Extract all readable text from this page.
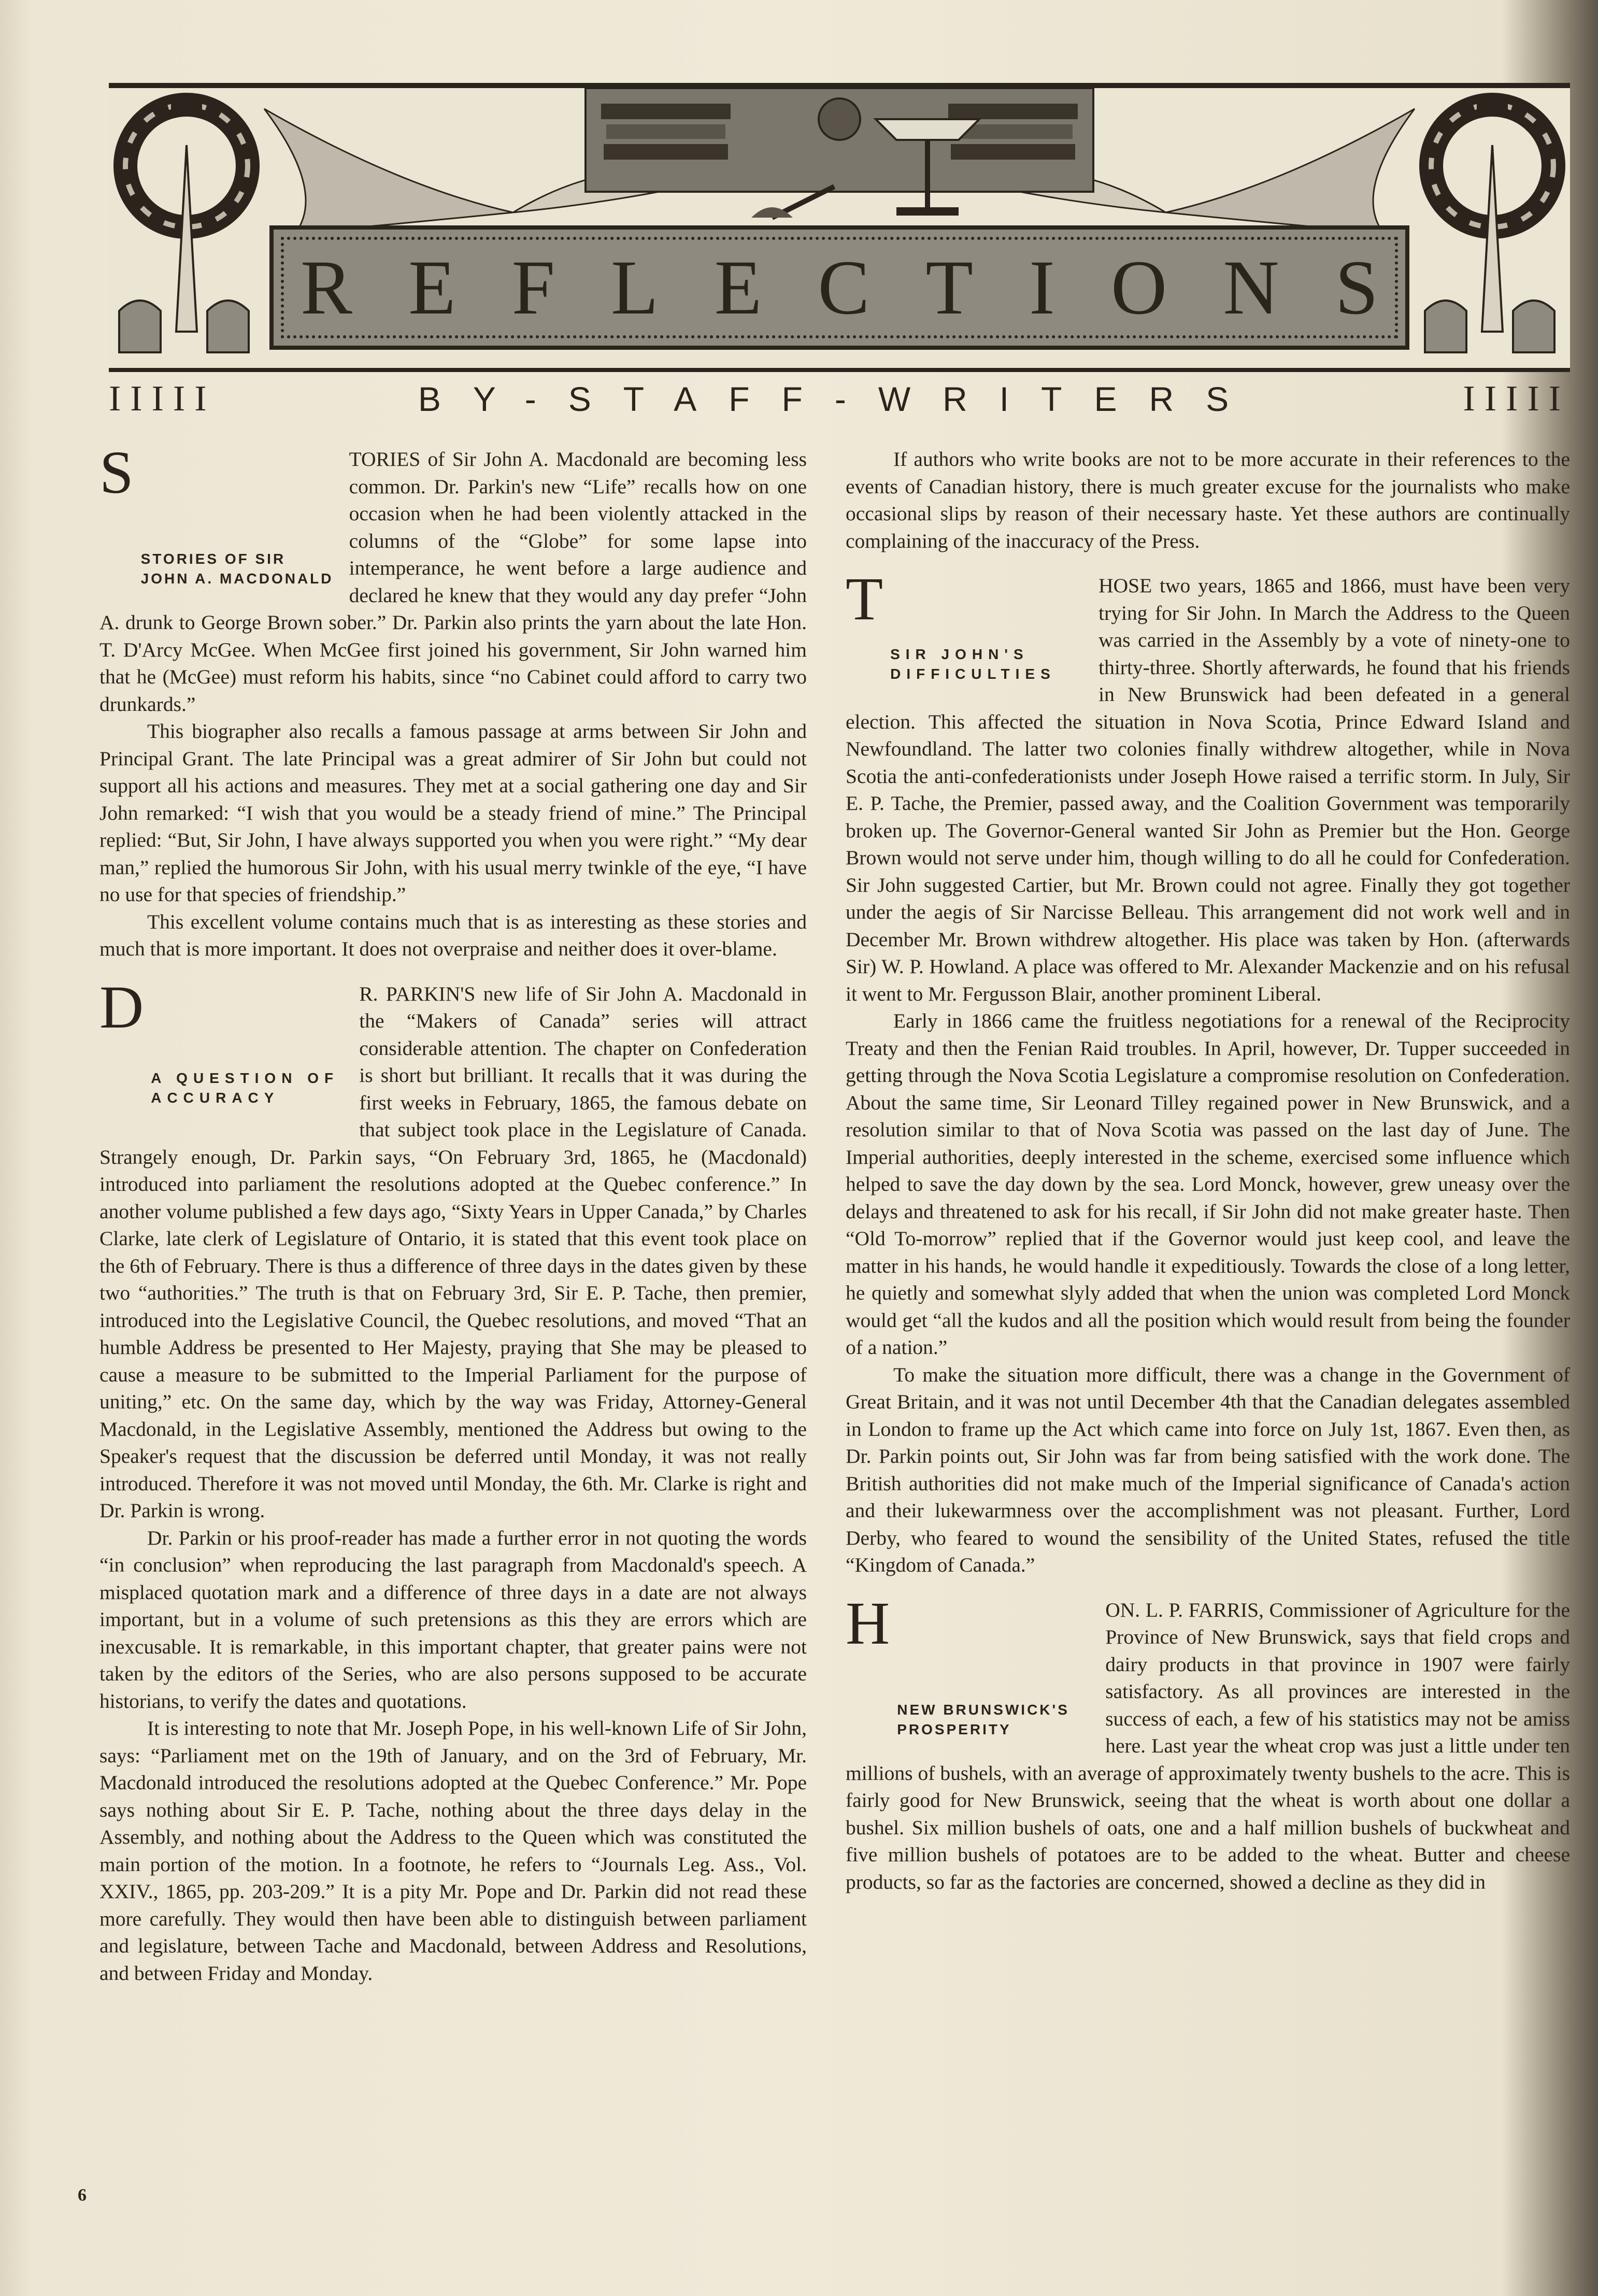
REFLECTIONS
IIIII	BY-STAFF-WRITERS	IIIII
S
STORIES OF SIR JOHN A. MACDONALD

TORIES of Sir John A. Macdonald are becoming less common. Dr. Parkin's new “Life” recalls how on one occasion when he had been violently attacked in the columns of the “Globe” for some lapse into intemperance, he went before a large audience and declared he knew that they would any day prefer “John A. drunk to George Brown sober.” Dr. Parkin also prints the yarn about the late Hon. T. D'Arcy McGee. When McGee first joined his government, Sir John warned him that he (McGee) must reform his habits, since “no Cabinet could afford to carry two drunkards.”

This biographer also recalls a famous passage at arms between Sir John and Principal Grant. The late Principal was a great admirer of Sir John but could not support all his actions and measures. They met at a social gathering one day and Sir John remarked: “I wish that you would be a steady friend of mine.” The Principal replied: “But, Sir John, I have always supported you when you were right.” “My dear man,” replied the humorous Sir John, with his usual merry twinkle of the eye, “I have no use for that species of friendship.”

This excellent volume contains much that is as interesting as these stories and much that is more important. It does not overpraise and neither does it over-blame.

D
A QUESTION OF ACCURACY

R. PARKIN'S new life of Sir John A. Macdonald in the “Makers of Canada” series will attract considerable attention. The chapter on Confederation is short but brilliant. It recalls that it was during the first weeks in February, 1865, the famous debate on that subject took place in the Legislature of Canada. Strangely enough, Dr. Parkin says, “On February 3rd, 1865, he (Macdonald) introduced into parliament the resolutions adopted at the Quebec conference.” In another volume published a few days ago, “Sixty Years in Upper Canada,” by Charles Clarke, late clerk of Legislature of Ontario, it is stated that this event took place on the 6th of February. There is thus a difference of three days in the dates given by these two “authorities.” The truth is that on February 3rd, Sir E. P. Tache, then premier, introduced into the Legislative Council, the Quebec resolutions, and moved “That an humble Address be presented to Her Majesty, praying that She may be pleased to cause a measure to be submitted to the Imperial Parliament for the purpose of uniting,” etc. On the same day, which by the way was Friday, Attorney-General Macdonald, in the Legislative Assembly, mentioned the Address but owing to the Speaker's request that the discussion be deferred until Monday, it was not really introduced. Therefore it was not moved until Monday, the 6th. Mr. Clarke is right and Dr. Parkin is wrong.

Dr. Parkin or his proof-reader has made a further error in not quoting the words “in conclusion” when reproducing the last paragraph from Macdonald's speech. A misplaced quotation mark and a difference of three days in a date are not always important, but in a volume of such pretensions as this they are errors which are inexcusable. It is remarkable, in this important chapter, that greater pains were not taken by the editors of the Series, who are also persons supposed to be accurate historians, to verify the dates and quotations.

It is interesting to note that Mr. Joseph Pope, in his well-known Life of Sir John, says: “Parliament met on the 19th of January, and on the 3rd of February, Mr. Macdonald introduced the resolutions adopted at the Quebec Conference.” Mr. Pope says nothing about Sir E. P. Tache, nothing about the three days delay in the Assembly, and nothing about the Address to the Queen which was constituted the main portion of the motion. In a footnote, he refers to “Journals Leg. Ass., Vol. XXIV., 1865, pp. 203-209.” It is a pity Mr. Pope and Dr. Parkin did not read these more carefully. They would then have been able to distinguish between parliament and legislature, between Tache and Macdonald, between Address and Resolutions, and between Friday and Monday.

If authors who write books are not to be more accurate in their references to the events of Canadian history, there is much greater excuse for the journalists who make occasional slips by reason of their necessary haste. Yet these authors are continually complaining of the inaccuracy of the Press.

T
SIR JOHN'S DIFFICULTIES

HOSE two years, 1865 and 1866, must have been very trying for Sir John. In March the Address to the Queen was carried in the Assembly by a vote of ninety-one to thirty-three. Shortly afterwards, he found that his friends in New Brunswick had been defeated in a general election. This affected the situation in Nova Scotia, Prince Edward Island and Newfoundland. The latter two colonies finally withdrew altogether, while in Nova Scotia the anti-confederationists under Joseph Howe raised a terrific storm. In July, Sir E. P. Tache, the Premier, passed away, and the Coalition Government was temporarily broken up. The Governor-General wanted Sir John as Premier but the Hon. George Brown would not serve under him, though willing to do all he could for Confederation. Sir John suggested Cartier, but Mr. Brown could not agree. Finally they got together under the aegis of Sir Narcisse Belleau. This arrangement did not work well and in December Mr. Brown withdrew altogether. His place was taken by Hon. (afterwards Sir) W. P. Howland. A place was offered to Mr. Alexander Mackenzie and on his refusal it went to Mr. Fergusson Blair, another prominent Liberal.

Early in 1866 came the fruitless negotiations for a renewal of the Reciprocity Treaty and then the Fenian Raid troubles. In April, however, Dr. Tupper succeeded in getting through the Nova Scotia Legislature a compromise resolution on Confederation. About the same time, Sir Leonard Tilley regained power in New Brunswick, and a resolution similar to that of Nova Scotia was passed on the last day of June. The Imperial authorities, deeply interested in the scheme, exercised some influence which helped to save the day down by the sea. Lord Monck, however, grew uneasy over the delays and threatened to ask for his recall, if Sir John did not make greater haste. Then “Old To-morrow” replied that if the Governor would just keep cool, and leave the matter in his hands, he would handle it expeditiously. Towards the close of a long letter, he quietly and somewhat slyly added that when the union was completed Lord Monck would get “all the kudos and all the position which would result from being the founder of a nation.”

To make the situation more difficult, there was a change in the Government of Great Britain, and it was not until December 4th that the Canadian delegates assembled in London to frame up the Act which came into force on July 1st, 1867. Even then, as Dr. Parkin points out, Sir John was far from being satisfied with the work done. The British authorities did not make much of the Imperial significance of Canada's action and their lukewarmness over the accomplishment was not pleasant. Further, Lord Derby, who feared to wound the sensibility of the United States, refused the title “Kingdom of Canada.”

H
NEW BRUNSWICK'S PROSPERITY

ON. L. P. FARRIS, Commissioner of Agriculture for the Province of New Brunswick, says that field crops and dairy products in that province in 1907 were fairly satisfactory. As all provinces are interested in the success of each, a few of his statistics may not be amiss here. Last year the wheat crop was just a little under ten millions of bushels, with an average of approximately twenty bushels to the acre. This is fairly good for New Brunswick, seeing that the wheat is worth about one dollar a bushel. Six million bushels of oats, one and a half million bushels of buckwheat and five million bushels of potatoes are to be added to the wheat. Butter and cheese products, so far as the factories are concerned, showed a decline as they did in

6
